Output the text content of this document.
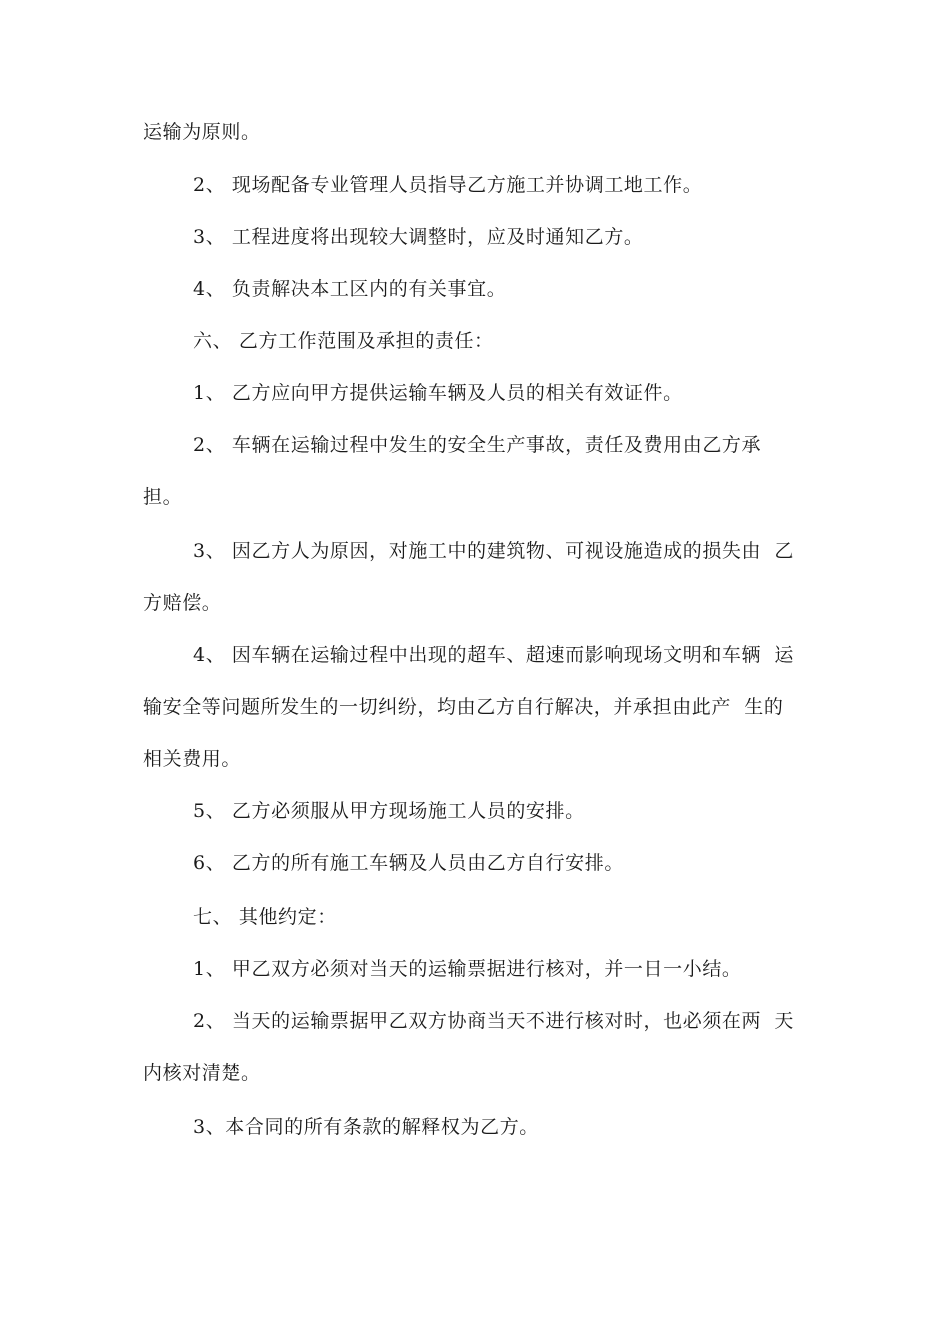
运输为原则。
2、 现场配备专业管理人员指导乙方施工并协调工地工作。
3、 工程进度将出现较大调整时，应及时通知乙方。
4、 负责解决本工区内的有关事宜。
六、 乙方工作范围及承担的责任：
1、 乙方应向甲方提供运输车辆及人员的相关有效证件。
2、 车辆在运输过程中发生的安全生产事故，责任及费用由乙方承
担。
3、 因乙方人为原因，对施工中的建筑物、可视设施造成的损失由  乙
方赔偿。
4、 因车辆在运输过程中出现的超车、超速而影响现场文明和车辆  运
输安全等问题所发生的一切纠纷，均由乙方自行解决，并承担由此产  生的
相关费用。
5、 乙方必须服从甲方现场施工人员的安排。
6、 乙方的所有施工车辆及人员由乙方自行安排。
七、 其他约定：
1、 甲乙双方必须对当天的运输票据进行核对，并一日一小结。
2、 当天的运输票据甲乙双方协商当天不进行核对时，也必须在两  天
内核对清楚。
3、本合同的所有条款的解释权为乙方。
